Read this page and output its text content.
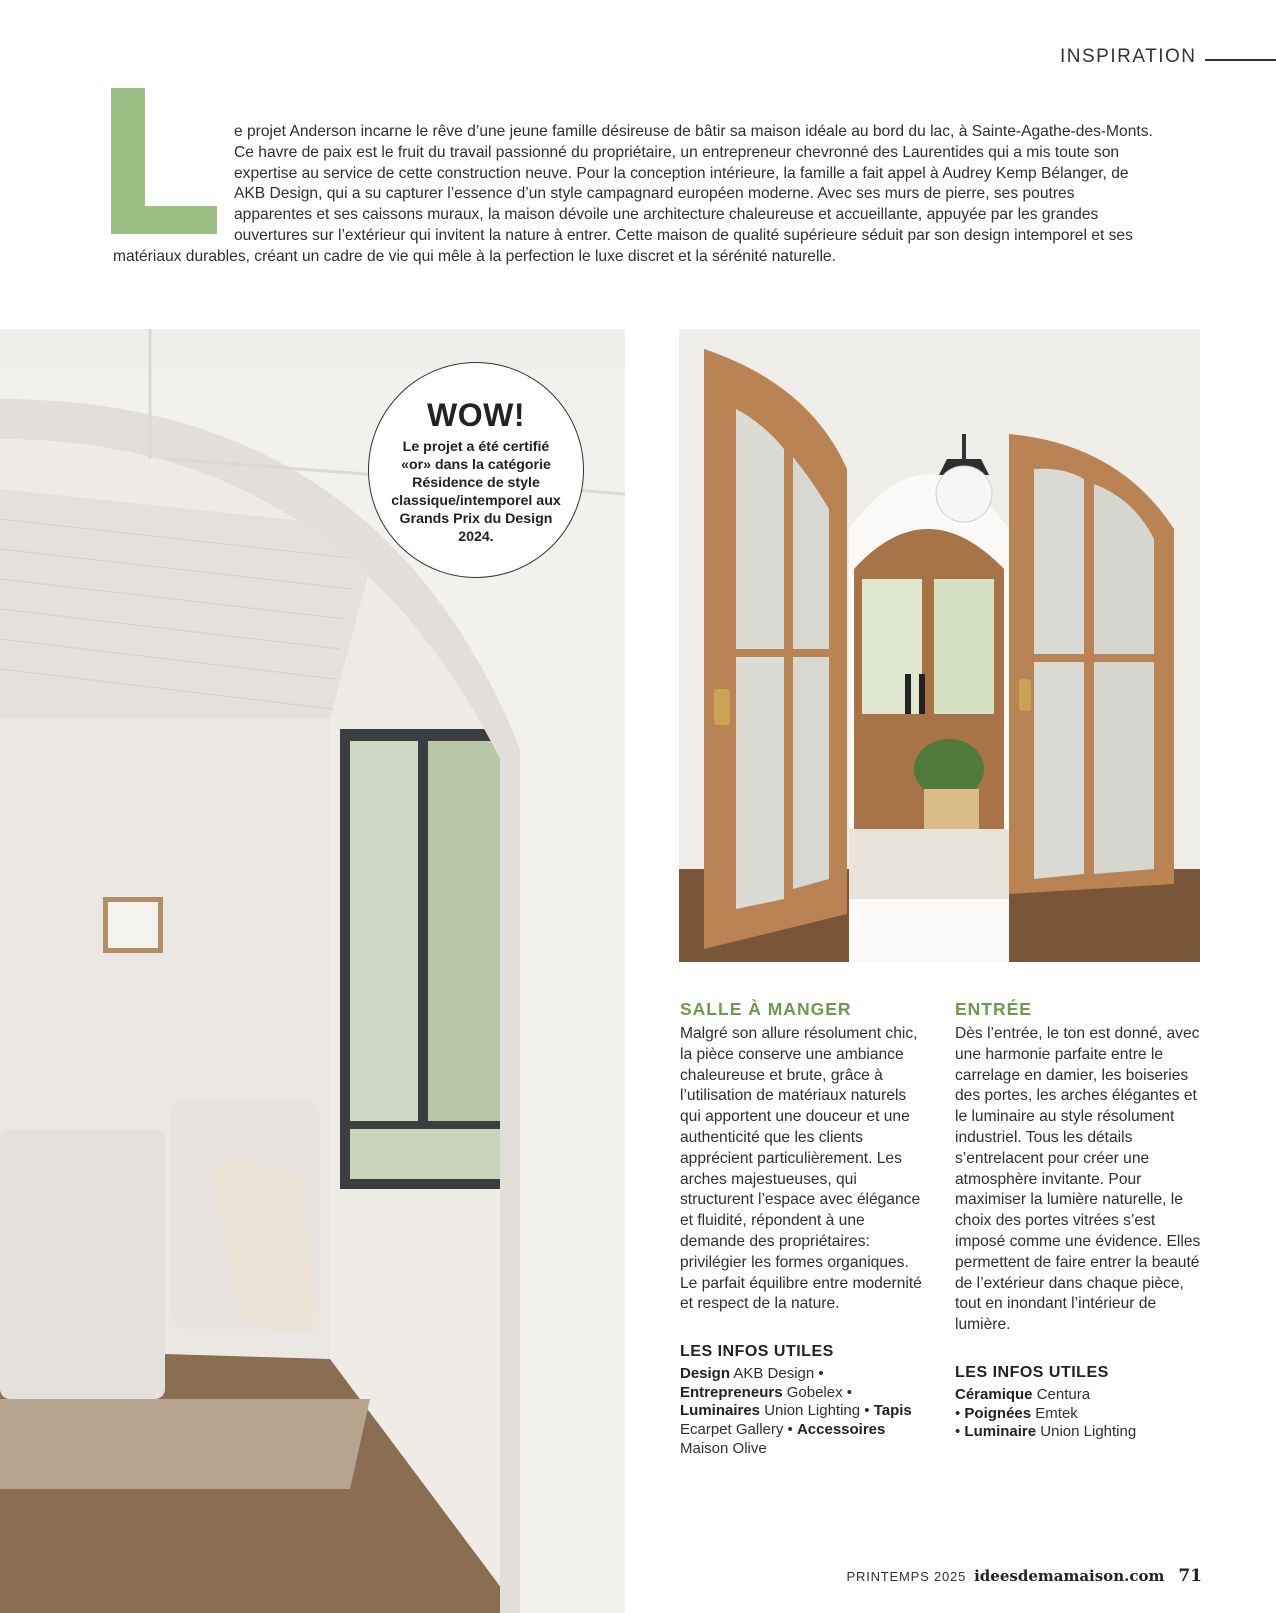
INSPIRATION
e projet Anderson incarne le rêve d’une jeune famille désireuse de bâtir sa maison idéale au bord du lac, à Sainte-Agathe-des-Monts. Ce havre de paix est le fruit du travail passionné du propriétaire, un entrepreneur chevronné des Laurentides qui a mis toute son expertise au service de cette construction neuve. Pour la conception intérieure, la famille a fait appel à Audrey Kemp Bélanger, de AKB Design, qui a su capturer l’essence d’un style campagnard européen moderne. Avec ses murs de pierre, ses poutres apparentes et ses caissons muraux, la maison dévoile une architecture chaleureuse et accueillante, appuyée par les grandes ouvertures sur l’extérieur qui invitent la nature à entrer. Cette maison de qualité supérieure séduit par son design intemporel et ses matériaux durables, créant un cadre de vie qui mêle à la perfection le luxe discret et la sérénité naturelle.
WOW!
Le projet a été certifié «or» dans la catégorie Résidence de style classique/intemporel aux Grands Prix du Design 2024.
SALLE À MANGER

Malgré son allure résolument chic, la pièce conserve une ambiance chaleureuse et brute, grâce à l’utilisation de matériaux naturels qui apportent une douceur et une authenticité que les clients apprécient particulièrement. Les arches majestueuses, qui structurent l’espace avec élégance et fluidité, répondent à une demande des propriétaires: privilégier les formes organiques. Le parfait équilibre entre modernité et respect de la nature.

LES INFOS UTILES
Design AKB Design • Entrepreneurs Gobelex • Luminaires Union Lighting • Tapis Ecarpet Gallery • Accessoires Maison Olive
ENTRÉE

Dès l’entrée, le ton est donné, avec une harmonie parfaite entre le carrelage en damier, les boiseries des portes, les arches élégantes et le luminaire au style résolument industriel. Tous les détails s’entrelacent pour créer une atmosphère invitante. Pour maximiser la lumière naturelle, le choix des portes vitrées s’est imposé comme une évidence. Elles permettent de faire entrer la beauté de l’extérieur dans chaque pièce, tout en inondant l’intérieur de lumière.

LES INFOS UTILES
Céramique Centura
• Poignées Emtek
• Luminaire Union Lighting
PRINTEMPS 2025 ideesdemamaison.com 71
